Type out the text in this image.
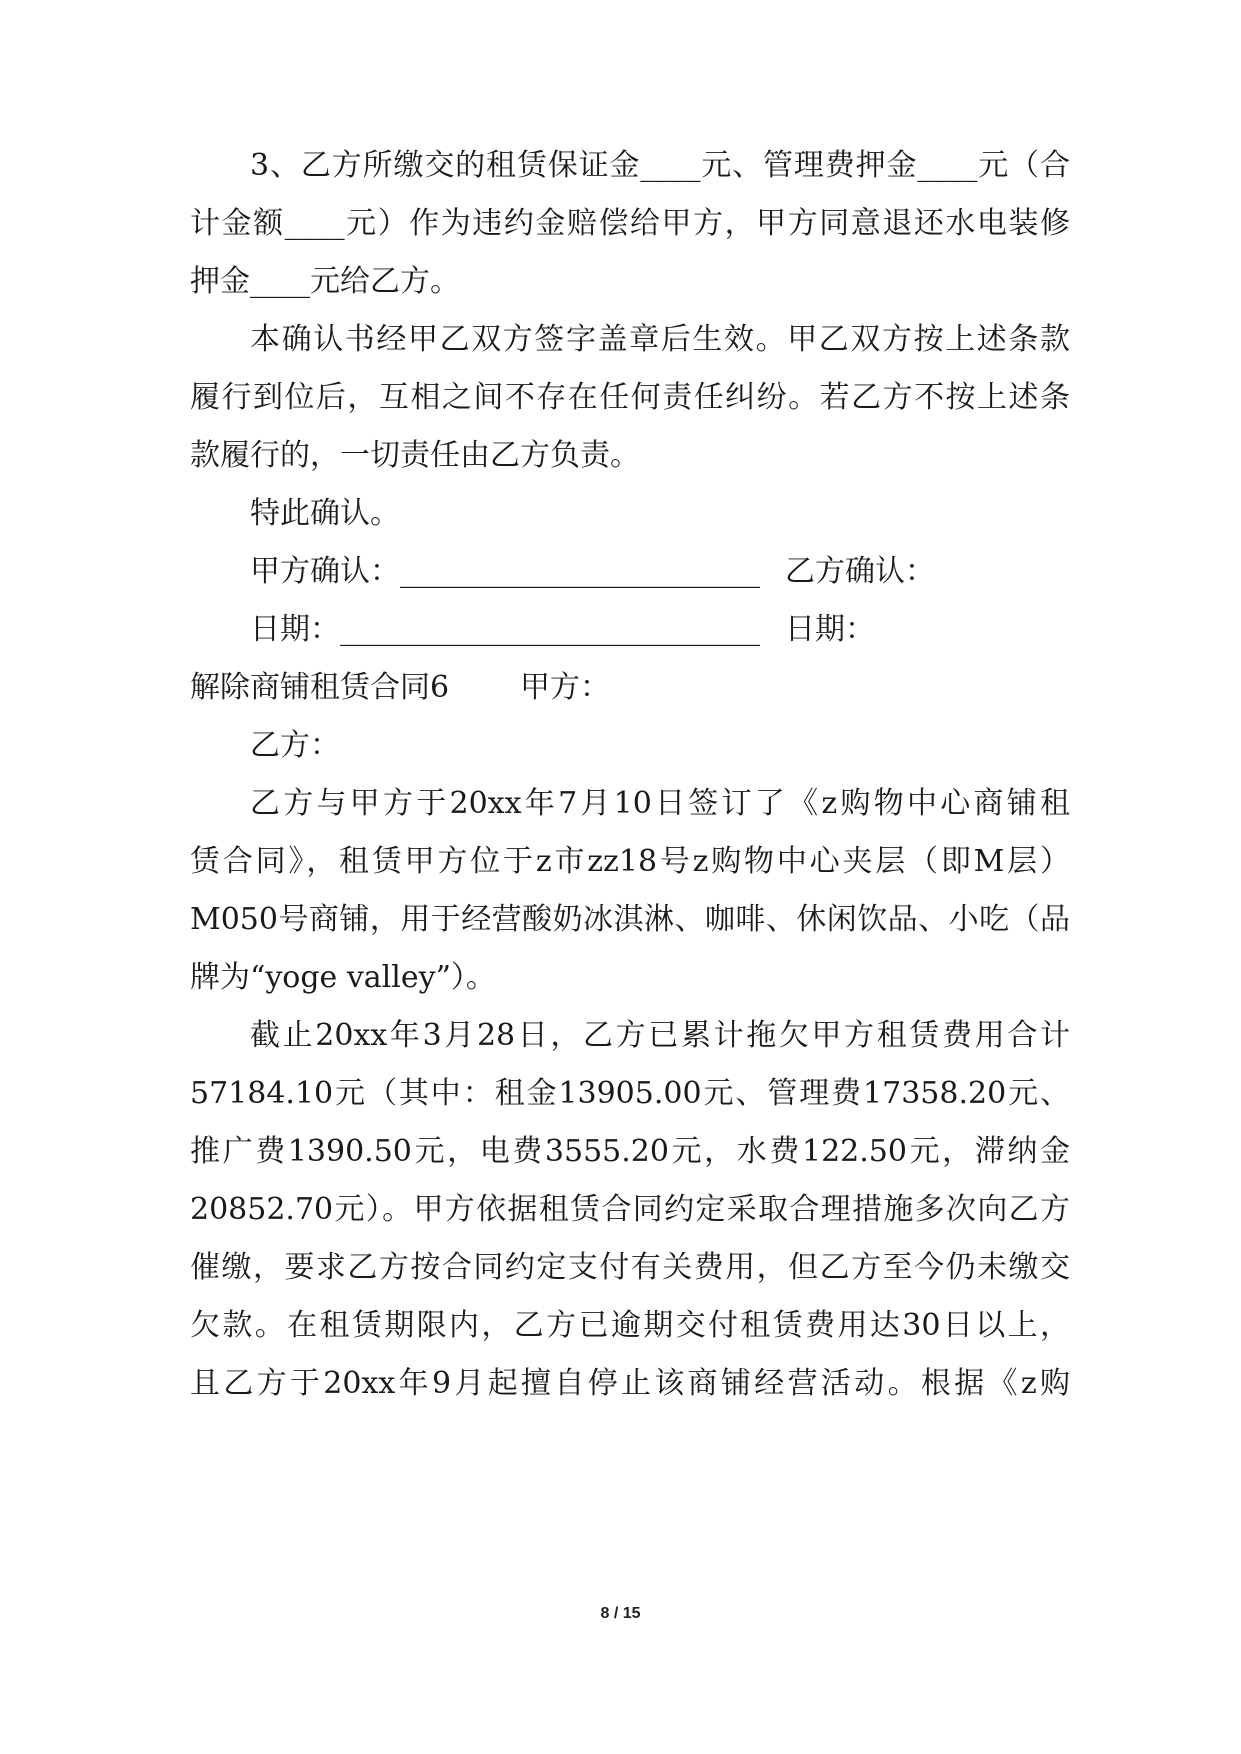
3、乙方所缴交的租赁保证金____元、管理费押金____元（合
计金额____元）作为违约金赔偿给甲方，甲方同意退还水电装修
押金____元给乙方。
本确认书经甲乙双方签字盖章后生效。甲乙双方按上述条款
履行到位后，互相之间不存在任何责任纠纷。若乙方不按上述条
款履行的，一切责任由乙方负责。
特此确认。
甲方确认： ________________________ 乙方确认：
日期： ____________________________ 日期：
解除商铺租赁合同6 甲方：
乙方：
乙方与甲方于20xx年7月10日签订了《z购物中心商铺租
赁合同》，租赁甲方位于z市zz18号z购物中心夹层（即M层）
M050号商铺，用于经营酸奶冰淇淋、咖啡、休闲饮品、小吃（品
牌为“yoge valley”）。
截止20xx年3月28日，乙方已累计拖欠甲方租赁费用合计
57184.10元（其中：租金13905.00元、管理费17358.20元、
推广费1390.50元，电费3555.20元，水费122.50元，滞纳金
20852.70元）。甲方依据租赁合同约定采取合理措施多次向乙方
催缴，要求乙方按合同约定支付有关费用，但乙方至今仍未缴交
欠款。在租赁期限内，乙方已逾期交付租赁费用达30日以上，
且乙方于20xx年9月起擅自停止该商铺经营活动。根据《z购
8 / 15
